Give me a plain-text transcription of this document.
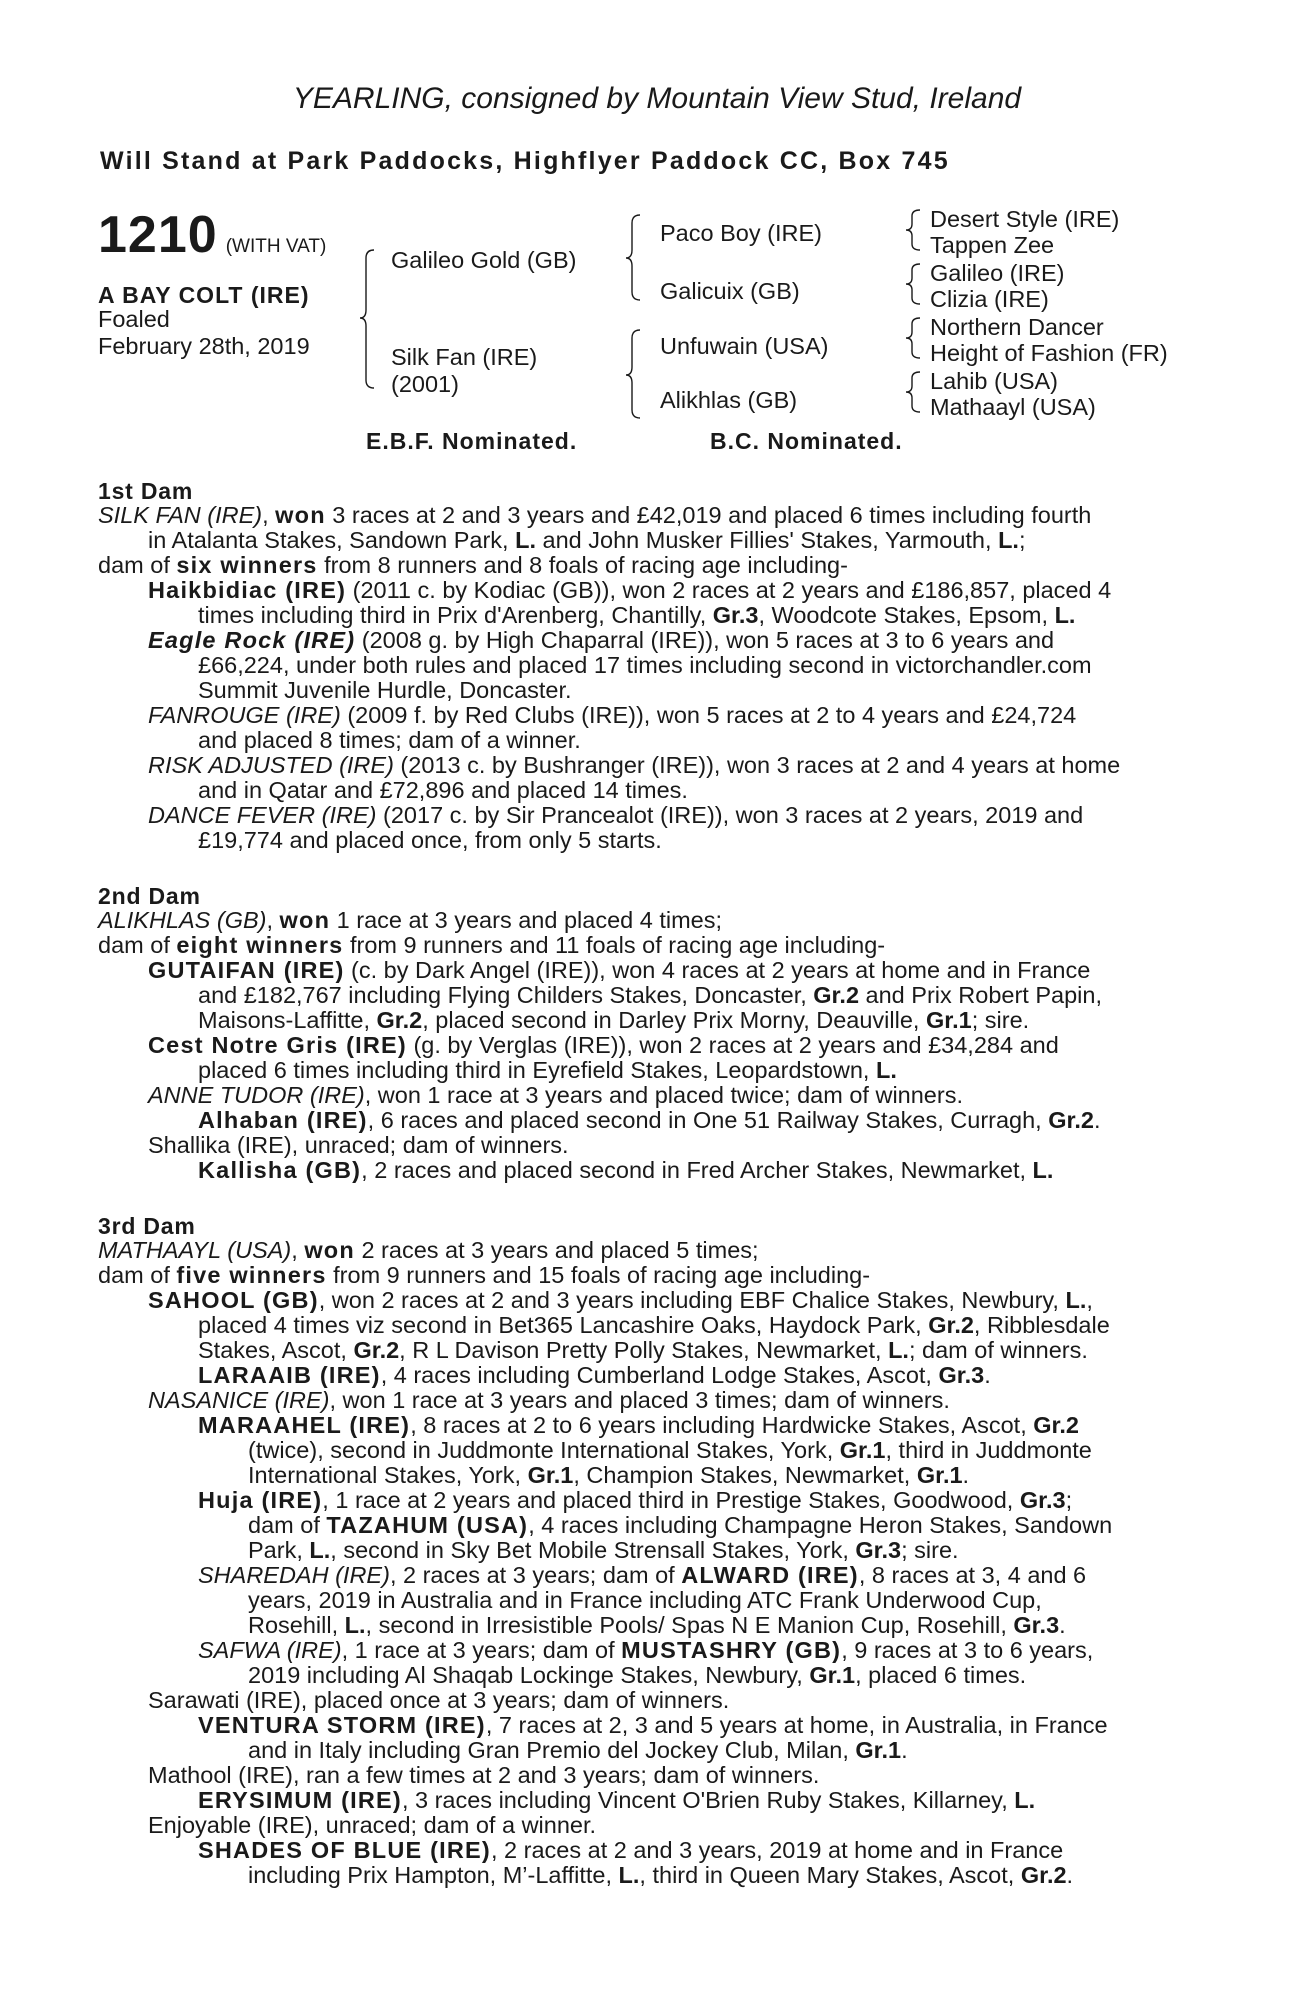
YEARLING, consigned by Mountain View Stud, Ireland
Will Stand at Park Paddocks, Highflyer Paddock CC, Box 745
1210 (WITH VAT)
A BAY COLT (IRE)
Foaled
February 28th, 2019
Galileo Gold (GB)
Silk Fan (IRE)
(2001)
Paco Boy (IRE)
Galicuix (GB)
Unfuwain (USA)
Alikhlas (GB)
Desert Style (IRE)
Tappen Zee
Galileo (IRE)
Clizia (IRE)
Northern Dancer
Height of Fashion (FR)
Lahib (USA)
Mathaayl (USA)
E.B.F. Nominated.	B.C. Nominated.
1st Dam
2nd Dam
3rd Dam
SILK FAN (IRE), won 3 races at 2 and 3 years and £42,019 and placed 6 times including fourth
in Atalanta Stakes, Sandown Park, L. and John Musker Fillies' Stakes, Yarmouth, L.;
dam of six winners from 8 runners and 8 foals of racing age including-
Haikbidiac (IRE) (2011 c. by Kodiac (GB)), won 2 races at 2 years and £186,857, placed 4
times including third in Prix d'Arenberg, Chantilly, Gr.3, Woodcote Stakes, Epsom, L.
Eagle Rock (IRE) (2008 g. by High Chaparral (IRE)), won 5 races at 3 to 6 years and
£66,224, under both rules and placed 17 times including second in victorchandler.com
Summit Juvenile Hurdle, Doncaster.
FANROUGE (IRE) (2009 f. by Red Clubs (IRE)), won 5 races at 2 to 4 years and £24,724
and placed 8 times; dam of a winner.
RISK ADJUSTED (IRE) (2013 c. by Bushranger (IRE)), won 3 races at 2 and 4 years at home
and in Qatar and £72,896 and placed 14 times.
DANCE FEVER (IRE) (2017 c. by Sir Prancealot (IRE)), won 3 races at 2 years, 2019 and
£19,774 and placed once, from only 5 starts.
ALIKHLAS (GB), won 1 race at 3 years and placed 4 times;
dam of eight winners from 9 runners and 11 foals of racing age including-
GUTAIFAN (IRE) (c. by Dark Angel (IRE)), won 4 races at 2 years at home and in France
and £182,767 including Flying Childers Stakes, Doncaster, Gr.2 and Prix Robert Papin,
Maisons-Laffitte, Gr.2, placed second in Darley Prix Morny, Deauville, Gr.1; sire.
Cest Notre Gris (IRE) (g. by Verglas (IRE)), won 2 races at 2 years and £34,284 and
placed 6 times including third in Eyrefield Stakes, Leopardstown, L.
ANNE TUDOR (IRE), won 1 race at 3 years and placed twice; dam of winners.
Alhaban (IRE), 6 races and placed second in One 51 Railway Stakes, Curragh, Gr.2.
Shallika (IRE), unraced; dam of winners.
Kallisha (GB), 2 races and placed second in Fred Archer Stakes, Newmarket, L.
MATHAAYL (USA), won 2 races at 3 years and placed 5 times;
dam of five winners from 9 runners and 15 foals of racing age including-
SAHOOL (GB), won 2 races at 2 and 3 years including EBF Chalice Stakes, Newbury, L.,
placed 4 times viz second in Bet365 Lancashire Oaks, Haydock Park, Gr.2, Ribblesdale
Stakes, Ascot, Gr.2, R L Davison Pretty Polly Stakes, Newmarket, L.; dam of winners.
LARAAIB (IRE), 4 races including Cumberland Lodge Stakes, Ascot, Gr.3.
NASANICE (IRE), won 1 race at 3 years and placed 3 times; dam of winners.
MARAAHEL (IRE), 8 races at 2 to 6 years including Hardwicke Stakes, Ascot, Gr.2
(twice), second in Juddmonte International Stakes, York, Gr.1, third in Juddmonte
International Stakes, York, Gr.1, Champion Stakes, Newmarket, Gr.1.
Huja (IRE), 1 race at 2 years and placed third in Prestige Stakes, Goodwood, Gr.3;
dam of TAZAHUM (USA), 4 races including Champagne Heron Stakes, Sandown
Park, L., second in Sky Bet Mobile Strensall Stakes, York, Gr.3; sire.
SHAREDAH (IRE), 2 races at 3 years; dam of ALWARD (IRE), 8 races at 3, 4 and 6
years, 2019 in Australia and in France including ATC Frank Underwood Cup,
Rosehill, L., second in Irresistible Pools/ Spas N E Manion Cup, Rosehill, Gr.3.
SAFWA (IRE), 1 race at 3 years; dam of MUSTASHRY (GB), 9 races at 3 to 6 years,
2019 including Al Shaqab Lockinge Stakes, Newbury, Gr.1, placed 6 times.
Sarawati (IRE), placed once at 3 years; dam of winners.
VENTURA STORM (IRE), 7 races at 2, 3 and 5 years at home, in Australia, in France
and in Italy including Gran Premio del Jockey Club, Milan, Gr.1.
Mathool (IRE), ran a few times at 2 and 3 years; dam of winners.
ERYSIMUM (IRE), 3 races including Vincent O'Brien Ruby Stakes, Killarney, L.
Enjoyable (IRE), unraced; dam of a winner.
SHADES OF BLUE (IRE), 2 races at 2 and 3 years, 2019 at home and in France
including Prix Hampton, M’-Laffitte, L., third in Queen Mary Stakes, Ascot, Gr.2.
